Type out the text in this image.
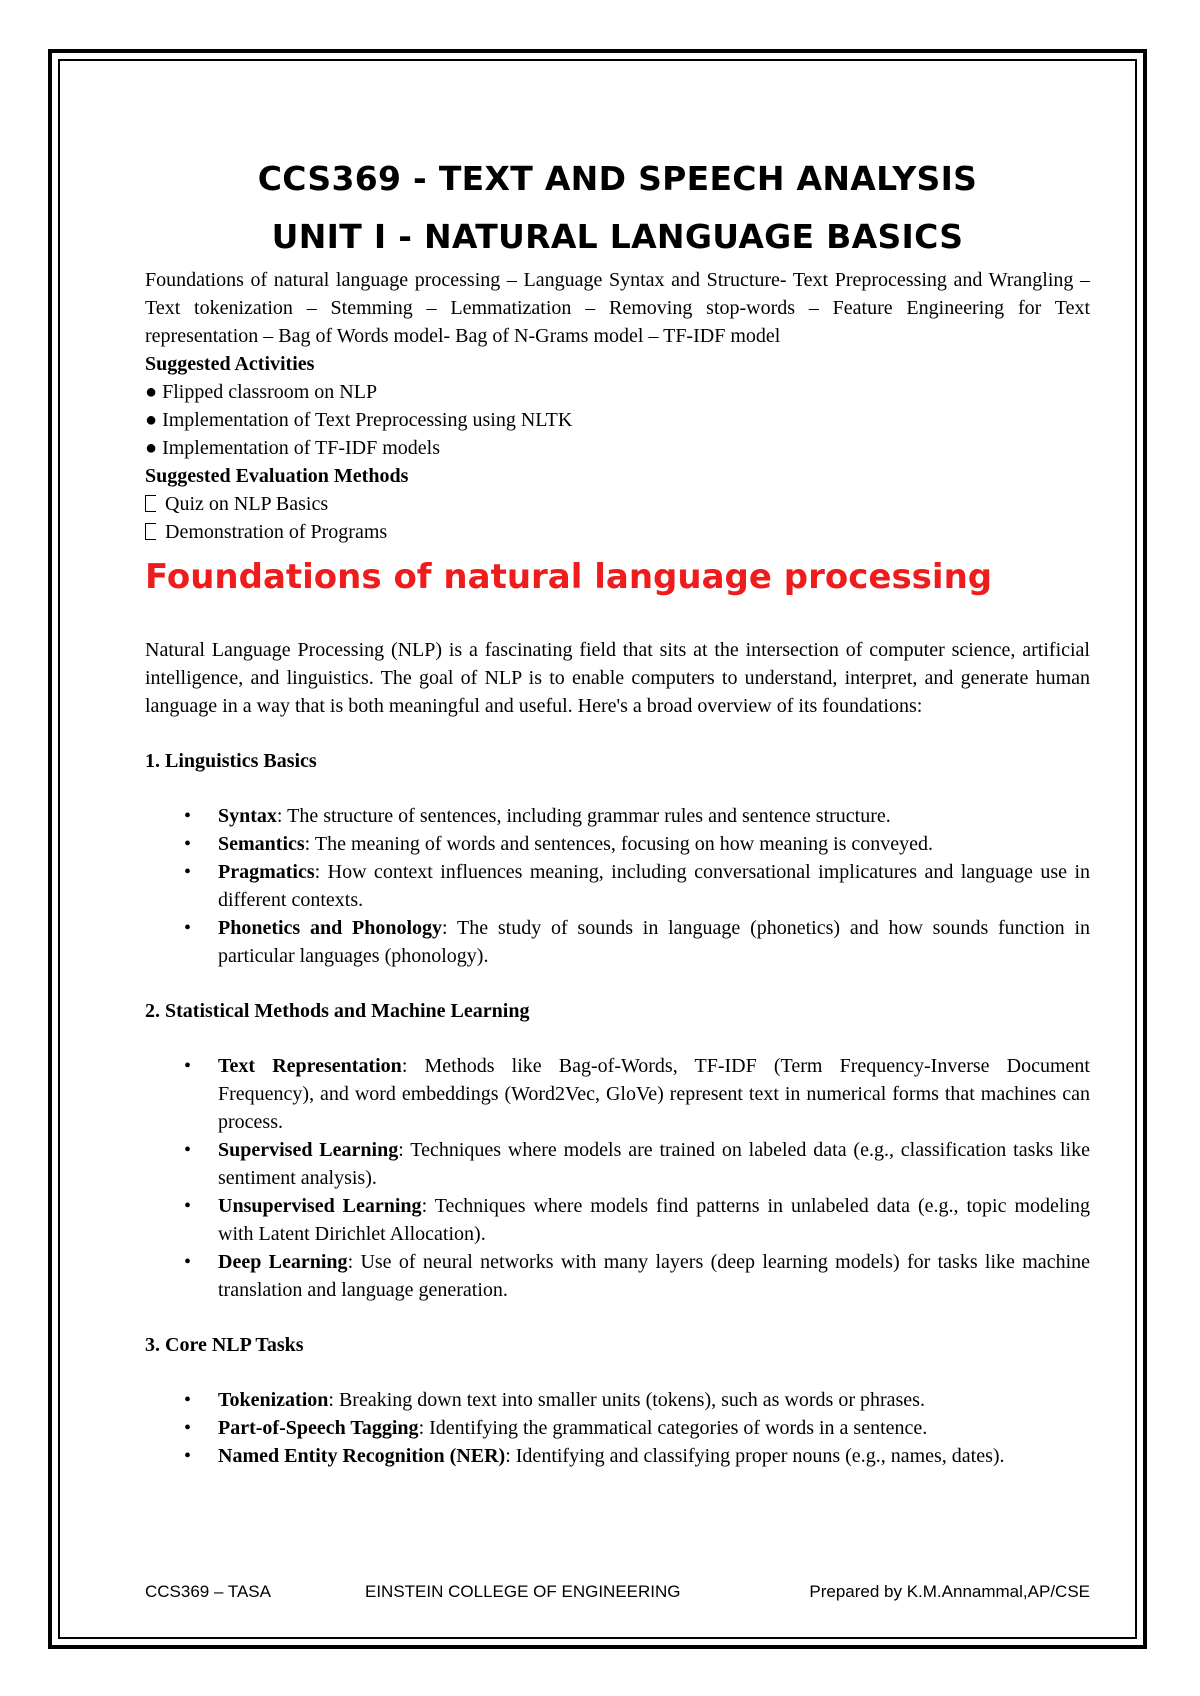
CCS369 - TEXT AND SPEECH ANALYSIS
UNIT I - NATURAL LANGUAGE BASICS

Foundations of natural language processing – Language Syntax and Structure- Text Preprocessing and Wrangling – Text tokenization – Stemming – Lemmatization – Removing stop-words – Feature Engineering for Text representation – Bag of Words model- Bag of N-Grams model – TF-IDF model

Suggested Activities

● Flipped classroom on NLP

● Implementation of Text Preprocessing using NLTK

● Implementation of TF-IDF models

Suggested Evaluation Methods

Quiz on NLP Basics

Demonstration of Programs

Foundations of natural language processing

Natural Language Processing (NLP) is a fascinating field that sits at the intersection of computer science, artificial intelligence, and linguistics. The goal of NLP is to enable computers to understand, interpret, and generate human language in a way that is both meaningful and useful. Here's a broad overview of its foundations:

1. Linguistics Basics

• Syntax: The structure of sentences, including grammar rules and sentence structure.
• Semantics: The meaning of words and sentences, focusing on how meaning is conveyed.
• Pragmatics: How context influences meaning, including conversational implicatures and language use in different contexts.
• Phonetics and Phonology: The study of sounds in language (phonetics) and how sounds function in particular languages (phonology).

2. Statistical Methods and Machine Learning

• Text Representation: Methods like Bag-of-Words, TF-IDF (Term Frequency-Inverse Document Frequency), and word embeddings (Word2Vec, GloVe) represent text in numerical forms that machines can process.
• Supervised Learning: Techniques where models are trained on labeled data (e.g., classification tasks like sentiment analysis).
• Unsupervised Learning: Techniques where models find patterns in unlabeled data (e.g., topic modeling with Latent Dirichlet Allocation).
• Deep Learning: Use of neural networks with many layers (deep learning models) for tasks like machine translation and language generation.

3. Core NLP Tasks

• Tokenization: Breaking down text into smaller units (tokens), such as words or phrases.
• Part-of-Speech Tagging: Identifying the grammatical categories of words in a sentence.
• Named Entity Recognition (NER): Identifying and classifying proper nouns (e.g., names, dates).
CCS369 – TASA	EINSTEIN COLLEGE OF ENGINEERING	Prepared by K.M.Annammal,AP/CSE
